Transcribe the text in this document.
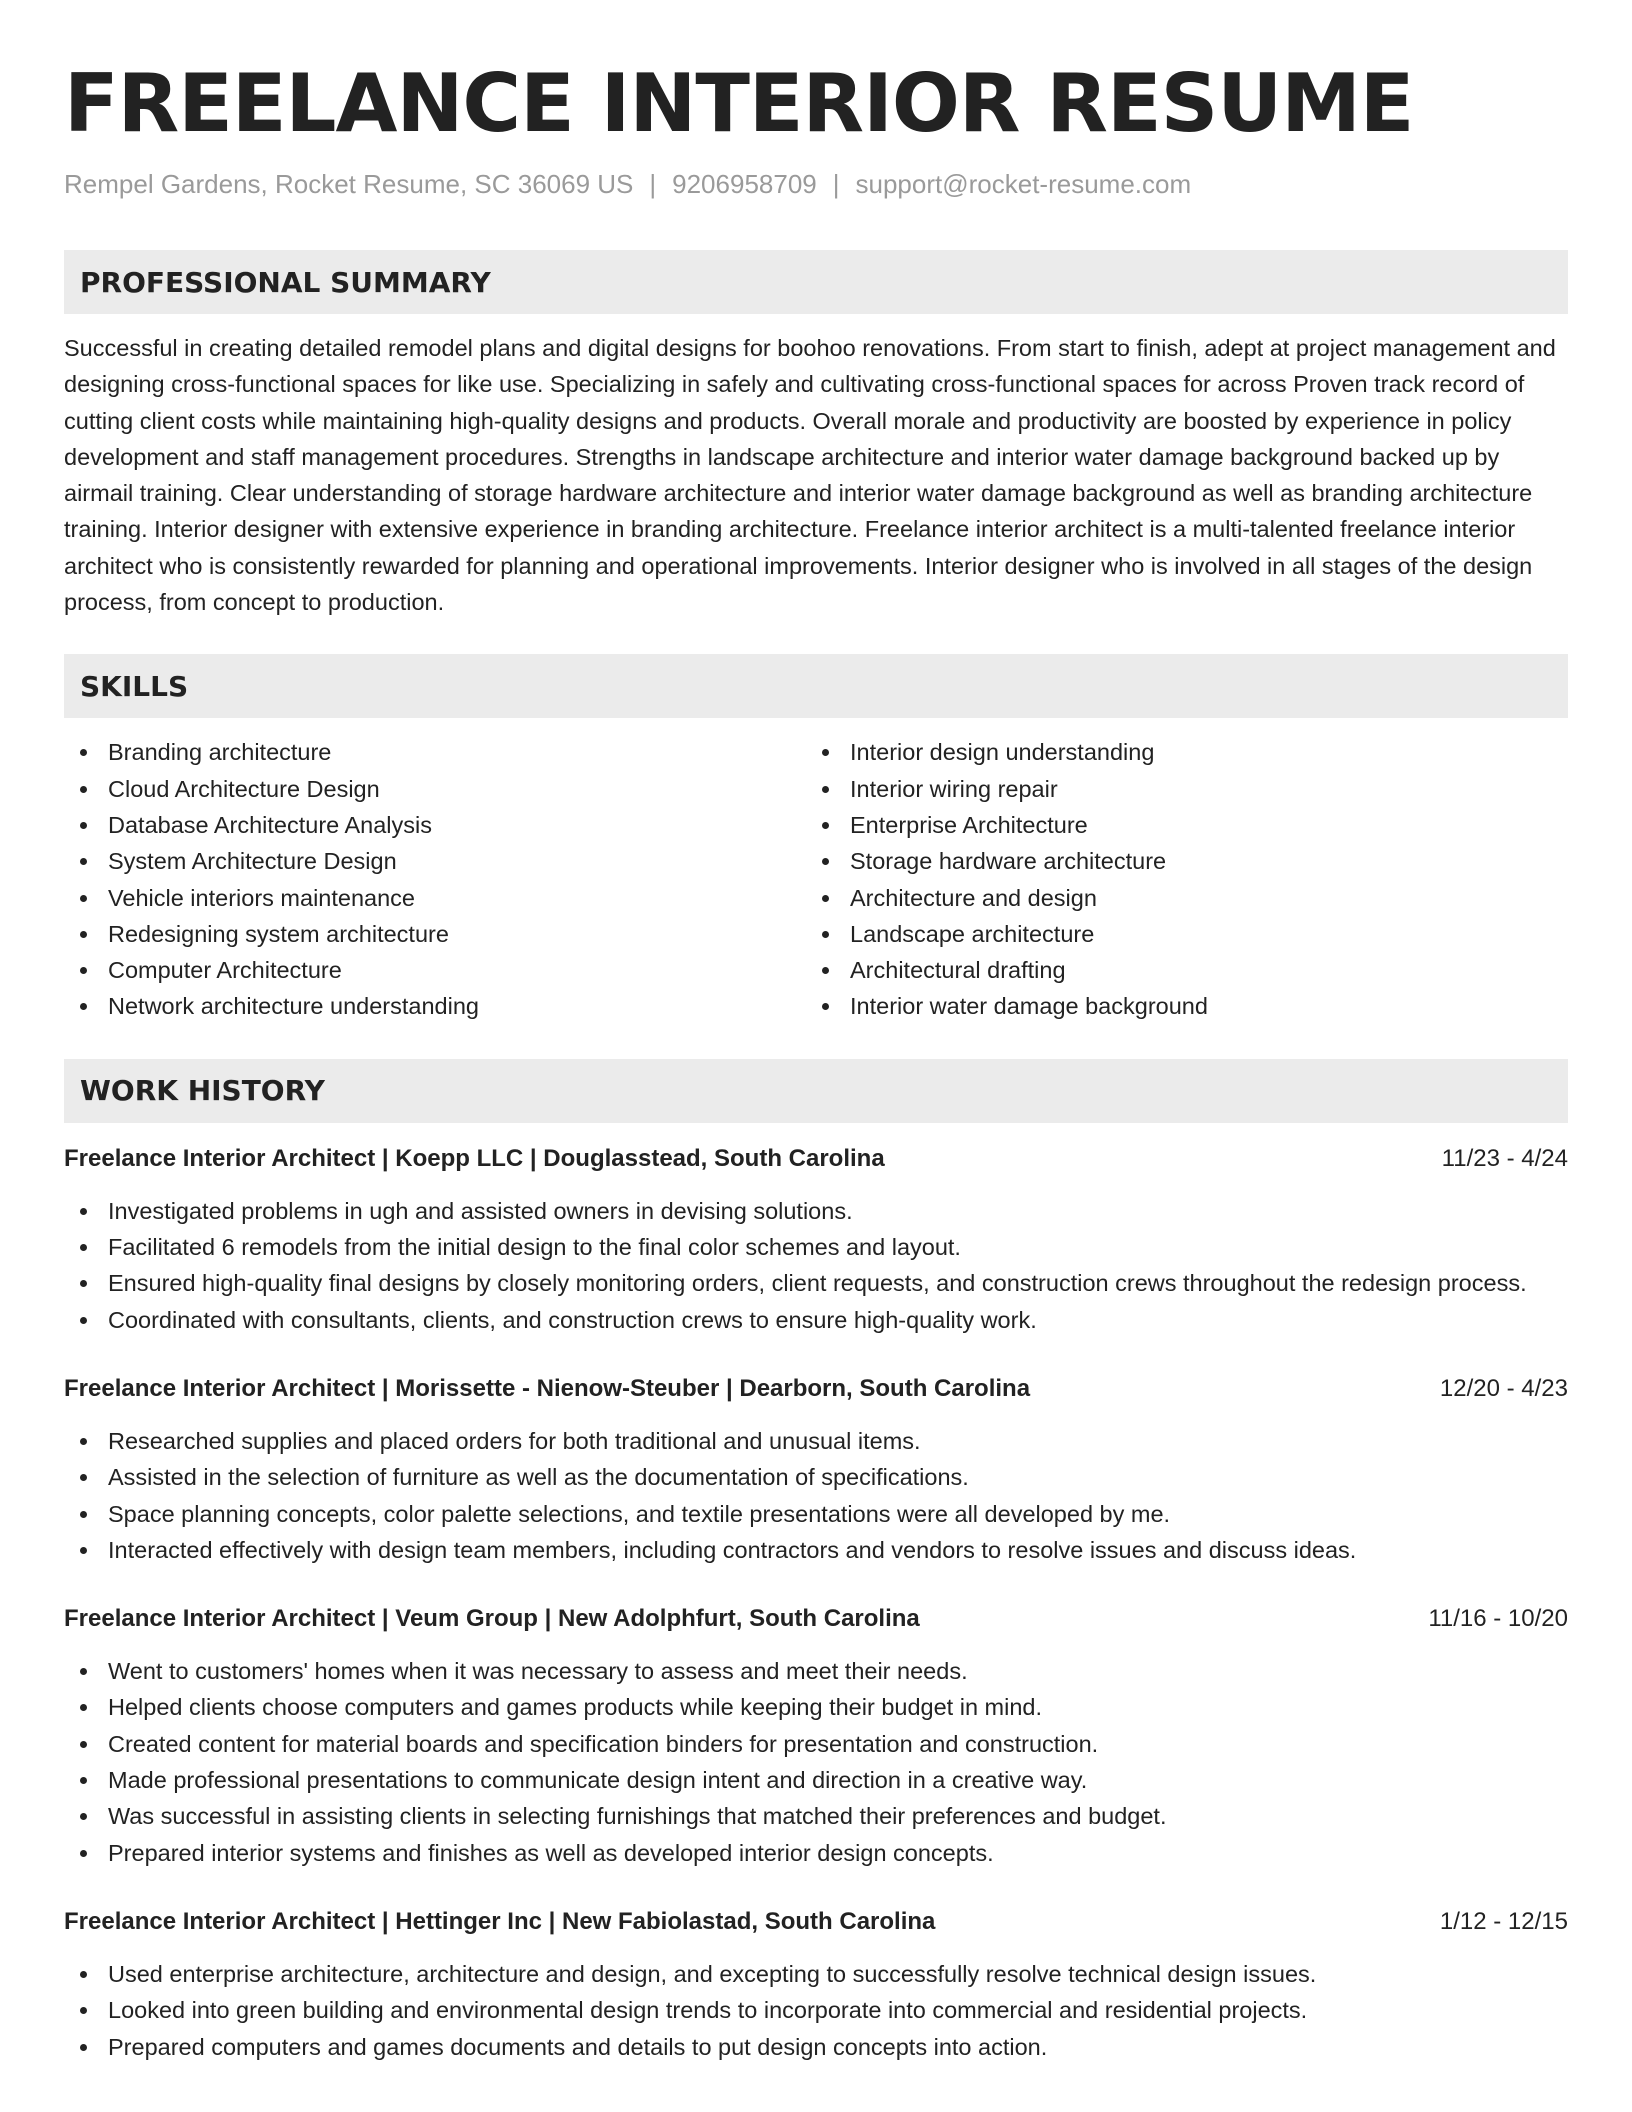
FREELANCE INTERIOR RESUME
Rempel Gardens, Rocket Resume, SC 36069 US | 9206958709 | support@rocket-resume.com
PROFESSIONAL SUMMARY
Successful in creating detailed remodel plans and digital designs for boohoo renovations. From start to finish, adept at project management and designing cross-functional spaces for like use. Specializing in safely and cultivating cross-functional spaces for across Proven track record of cutting client costs while maintaining high-quality designs and products. Overall morale and productivity are boosted by experience in policy development and staff management procedures. Strengths in landscape architecture and interior water damage background backed up by airmail training. Clear understanding of storage hardware architecture and interior water damage background as well as branding architecture training. Interior designer with extensive experience in branding architecture. Freelance interior architect is a multi-talented freelance interior architect who is consistently rewarded for planning and operational improvements. Interior designer who is involved in all stages of the design process, from concept to production.
SKILLS
Branding architecture
Cloud Architecture Design
Database Architecture Analysis
System Architecture Design
Vehicle interiors maintenance
Redesigning system architecture
Computer Architecture
Network architecture understanding
Interior design understanding
Interior wiring repair
Enterprise Architecture
Storage hardware architecture
Architecture and design
Landscape architecture
Architectural drafting
Interior water damage background
WORK HISTORY
Freelance Interior Architect | Koepp LLC | Douglasstead, South Carolina	11/23 - 4/24
Investigated problems in ugh and assisted owners in devising solutions.
Facilitated 6 remodels from the initial design to the final color schemes and layout.
Ensured high-quality final designs by closely monitoring orders, client requests, and construction crews throughout the redesign process.
Coordinated with consultants, clients, and construction crews to ensure high-quality work.
Freelance Interior Architect | Morissette - Nienow-Steuber | Dearborn, South Carolina	12/20 - 4/23
Researched supplies and placed orders for both traditional and unusual items.
Assisted in the selection of furniture as well as the documentation of specifications.
Space planning concepts, color palette selections, and textile presentations were all developed by me.
Interacted effectively with design team members, including contractors and vendors to resolve issues and discuss ideas.
Freelance Interior Architect | Veum Group | New Adolphfurt, South Carolina	11/16 - 10/20
Went to customers' homes when it was necessary to assess and meet their needs.
Helped clients choose computers and games products while keeping their budget in mind.
Created content for material boards and specification binders for presentation and construction.
Made professional presentations to communicate design intent and direction in a creative way.
Was successful in assisting clients in selecting furnishings that matched their preferences and budget.
Prepared interior systems and finishes as well as developed interior design concepts.
Freelance Interior Architect | Hettinger Inc | New Fabiolastad, South Carolina	1/12 - 12/15
Used enterprise architecture, architecture and design, and excepting to successfully resolve technical design issues.
Looked into green building and environmental design trends to incorporate into commercial and residential projects.
Prepared computers and games documents and details to put design concepts into action.
